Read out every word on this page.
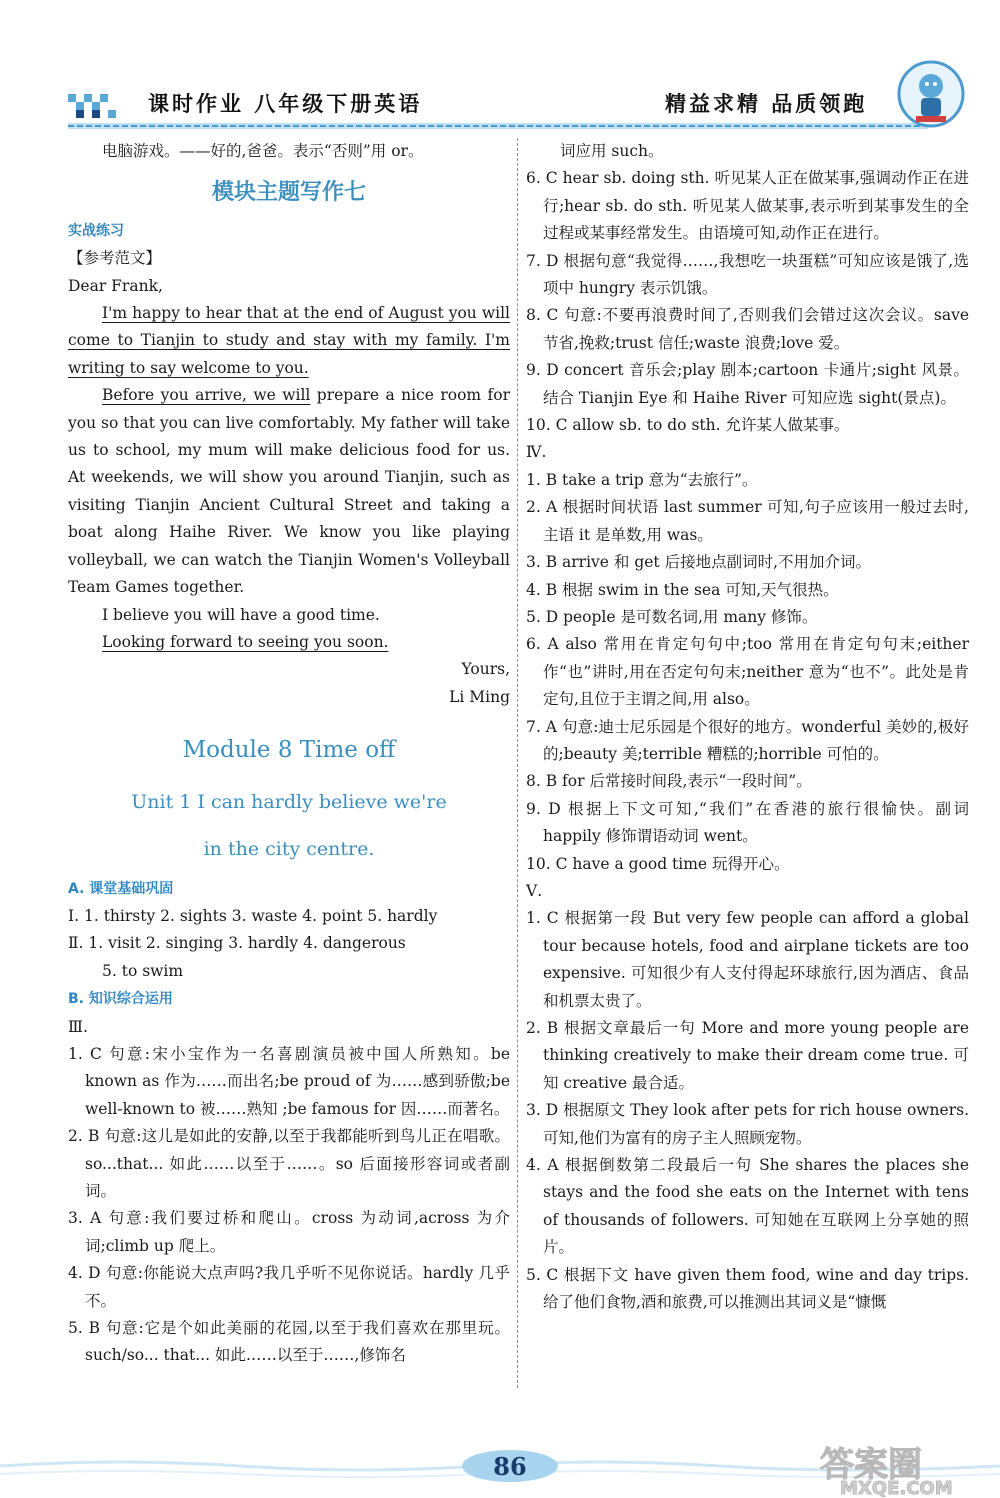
课时作业 八年级下册英语	精益求精 品质领跑

电脑游戏。——好的,爸爸。表示“否则”用 or。

模块主题写作七

实战练习

【参考范文】

Dear Frank,

I'm happy to hear that at the end of August you will come to Tianjin to study and stay with my family. I'm writing to say welcome to you.

Before you arrive, we will prepare a nice room for you so that you can live comfortably. My father will take us to school, my mum will make delicious food for us. At weekends, we will show you around Tianjin, such as visiting Tianjin Ancient Cultural Street and taking a boat along Haihe River. We know you like playing volleyball, we can watch the Tianjin Women's Volleyball Team Games together.

I believe you will have a good time.

Looking forward to seeing you soon.

Yours,

Li Ming

Module 8 Time off
Unit 1 I can hardly believe we're
in the city centre.

A. 课堂基础巩固

Ⅰ. 1. thirsty 2. sights 3. waste 4. point 5. hardly

Ⅱ. 1. visit 2. singing 3. hardly 4. dangerous

5. to swim

B. 知识综合运用

Ⅲ.

1. C 句意:宋小宝作为一名喜剧演员被中国人所熟知。be known as 作为……而出名;be proud of 为……感到骄傲;be well-known to 被……熟知 ;be famous for 因……而著名。

2. B 句意:这儿是如此的安静,以至于我都能听到鸟儿正在唱歌。so...that... 如此……以至于……。so 后面接形容词或者副词。

3. A 句意:我们要过桥和爬山。cross 为动词,across 为介词;climb up 爬上。

4. D 句意:你能说大点声吗?我几乎听不见你说话。hardly 几乎不。

5. B 句意:它是个如此美丽的花园,以至于我们喜欢在那里玩。such/so... that... 如此……以至于……,修饰名

词应用 such。

6. C hear sb. doing sth. 听见某人正在做某事,强调动作正在进行;hear sb. do sth. 听见某人做某事,表示听到某事发生的全过程或某事经常发生。由语境可知,动作正在进行。

7. D 根据句意“我觉得……,我想吃一块蛋糕”可知应该是饿了,选项中 hungry 表示饥饿。

8. C 句意:不要再浪费时间了,否则我们会错过这次会议。save 节省,挽救;trust 信任;waste 浪费;love 爱。

9. D concert 音乐会;play 剧本;cartoon 卡通片;sight 风景。结合 Tianjin Eye 和 Haihe River 可知应选 sight(景点)。

10. C allow sb. to do sth. 允许某人做某事。

Ⅳ.

1. B take a trip 意为“去旅行”。

2. A 根据时间状语 last summer 可知,句子应该用一般过去时,主语 it 是单数,用 was。

3. B arrive 和 get 后接地点副词时,不用加介词。

4. B 根据 swim in the sea 可知,天气很热。

5. D people 是可数名词,用 many 修饰。

6. A also 常用在肯定句句中;too 常用在肯定句句末;either 作“也”讲时,用在否定句句末;neither 意为“也不”。此处是肯定句,且位于主谓之间,用 also。

7. A 句意:迪士尼乐园是个很好的地方。wonderful 美妙的,极好的;beauty 美;terrible 糟糕的;horrible 可怕的。

8. B for 后常接时间段,表示“一段时间”。

9. D 根据上下文可知,“我们”在香港的旅行很愉快。副词 happily 修饰谓语动词 went。

10. C have a good time 玩得开心。

Ⅴ.

1. C 根据第一段 But very few people can afford a global tour because hotels, food and airplane tickets are too expensive. 可知很少有人支付得起环球旅行,因为酒店、食品和机票太贵了。

2. B 根据文章最后一句 More and more young people are thinking creatively to make their dream come true. 可知 creative 最合适。

3. D 根据原文 They look after pets for rich house owners. 可知,他们为富有的房子主人照顾宠物。

4. A 根据倒数第二段最后一句 She shares the places she stays and the food she eats on the Internet with tens of thousands of followers. 可知她在互联网上分享她的照片。

5. C 根据下文 have given them food, wine and day trips. 给了他们食物,酒和旅费,可以推测出其词义是“慷慨

86	答案圈
MXQE.COM
